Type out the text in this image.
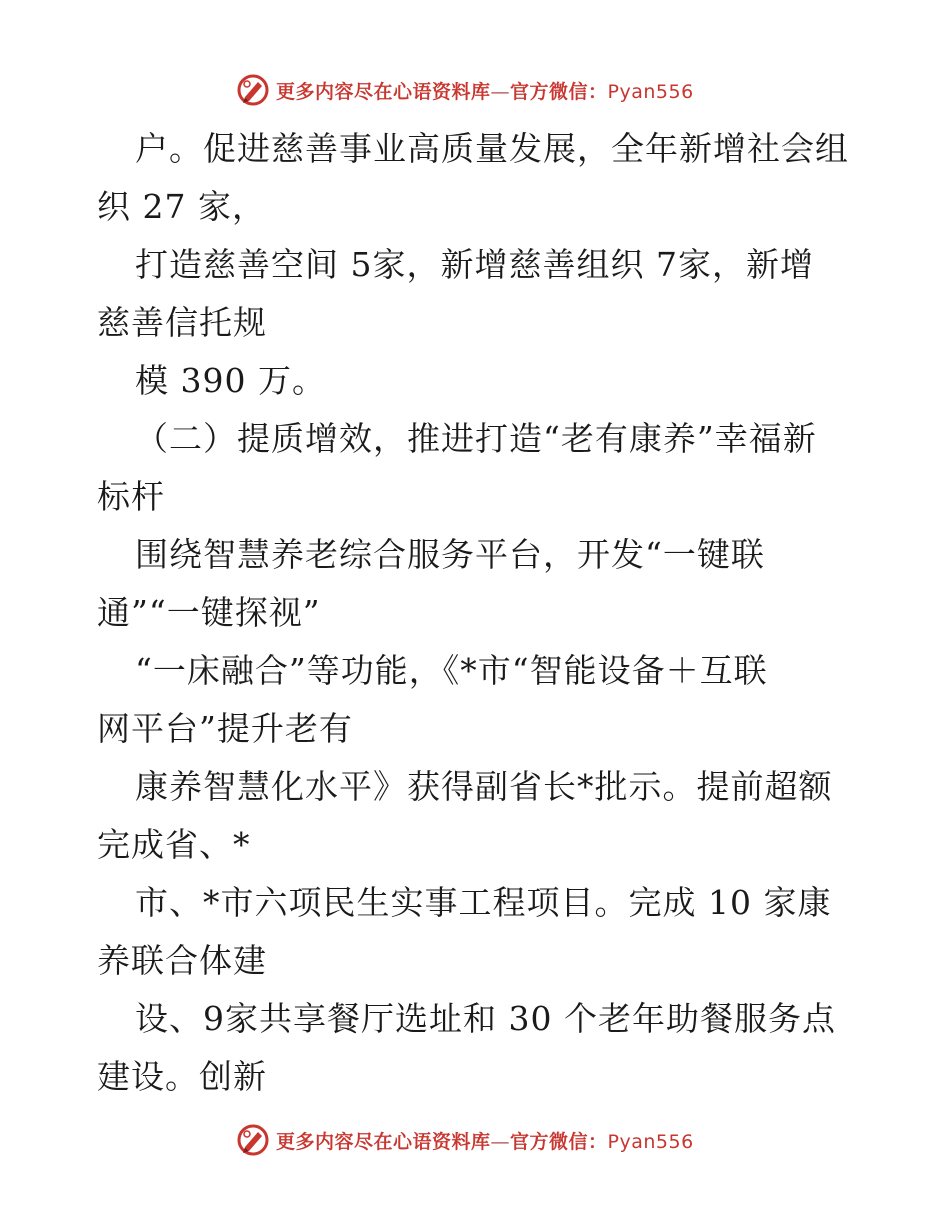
更多内容尽在心语资料库—官方微信：Pyan556
户。促进慈善事业高质量发展，全年新增社会组
织 27 家，
打造慈善空间 5家，新增慈善组织 7家，新增
慈善信托规
模 390 万。
（二）提质增效，推进打造“老有康养”幸福新
标杆
围绕智慧养老综合服务平台，开发“一键联
通”“一键探视”
“一床融合”等功能，《*市“智能设备＋互联
网平台”提升老有
康养智慧化水平》获得副省长*批示。提前超额
完成省、*
市、*市六项民生实事工程项目。完成 10 家康
养联合体建
设、9家共享餐厅选址和 30 个老年助餐服务点
建设。创新
更多内容尽在心语资料库—官方微信：Pyan556
